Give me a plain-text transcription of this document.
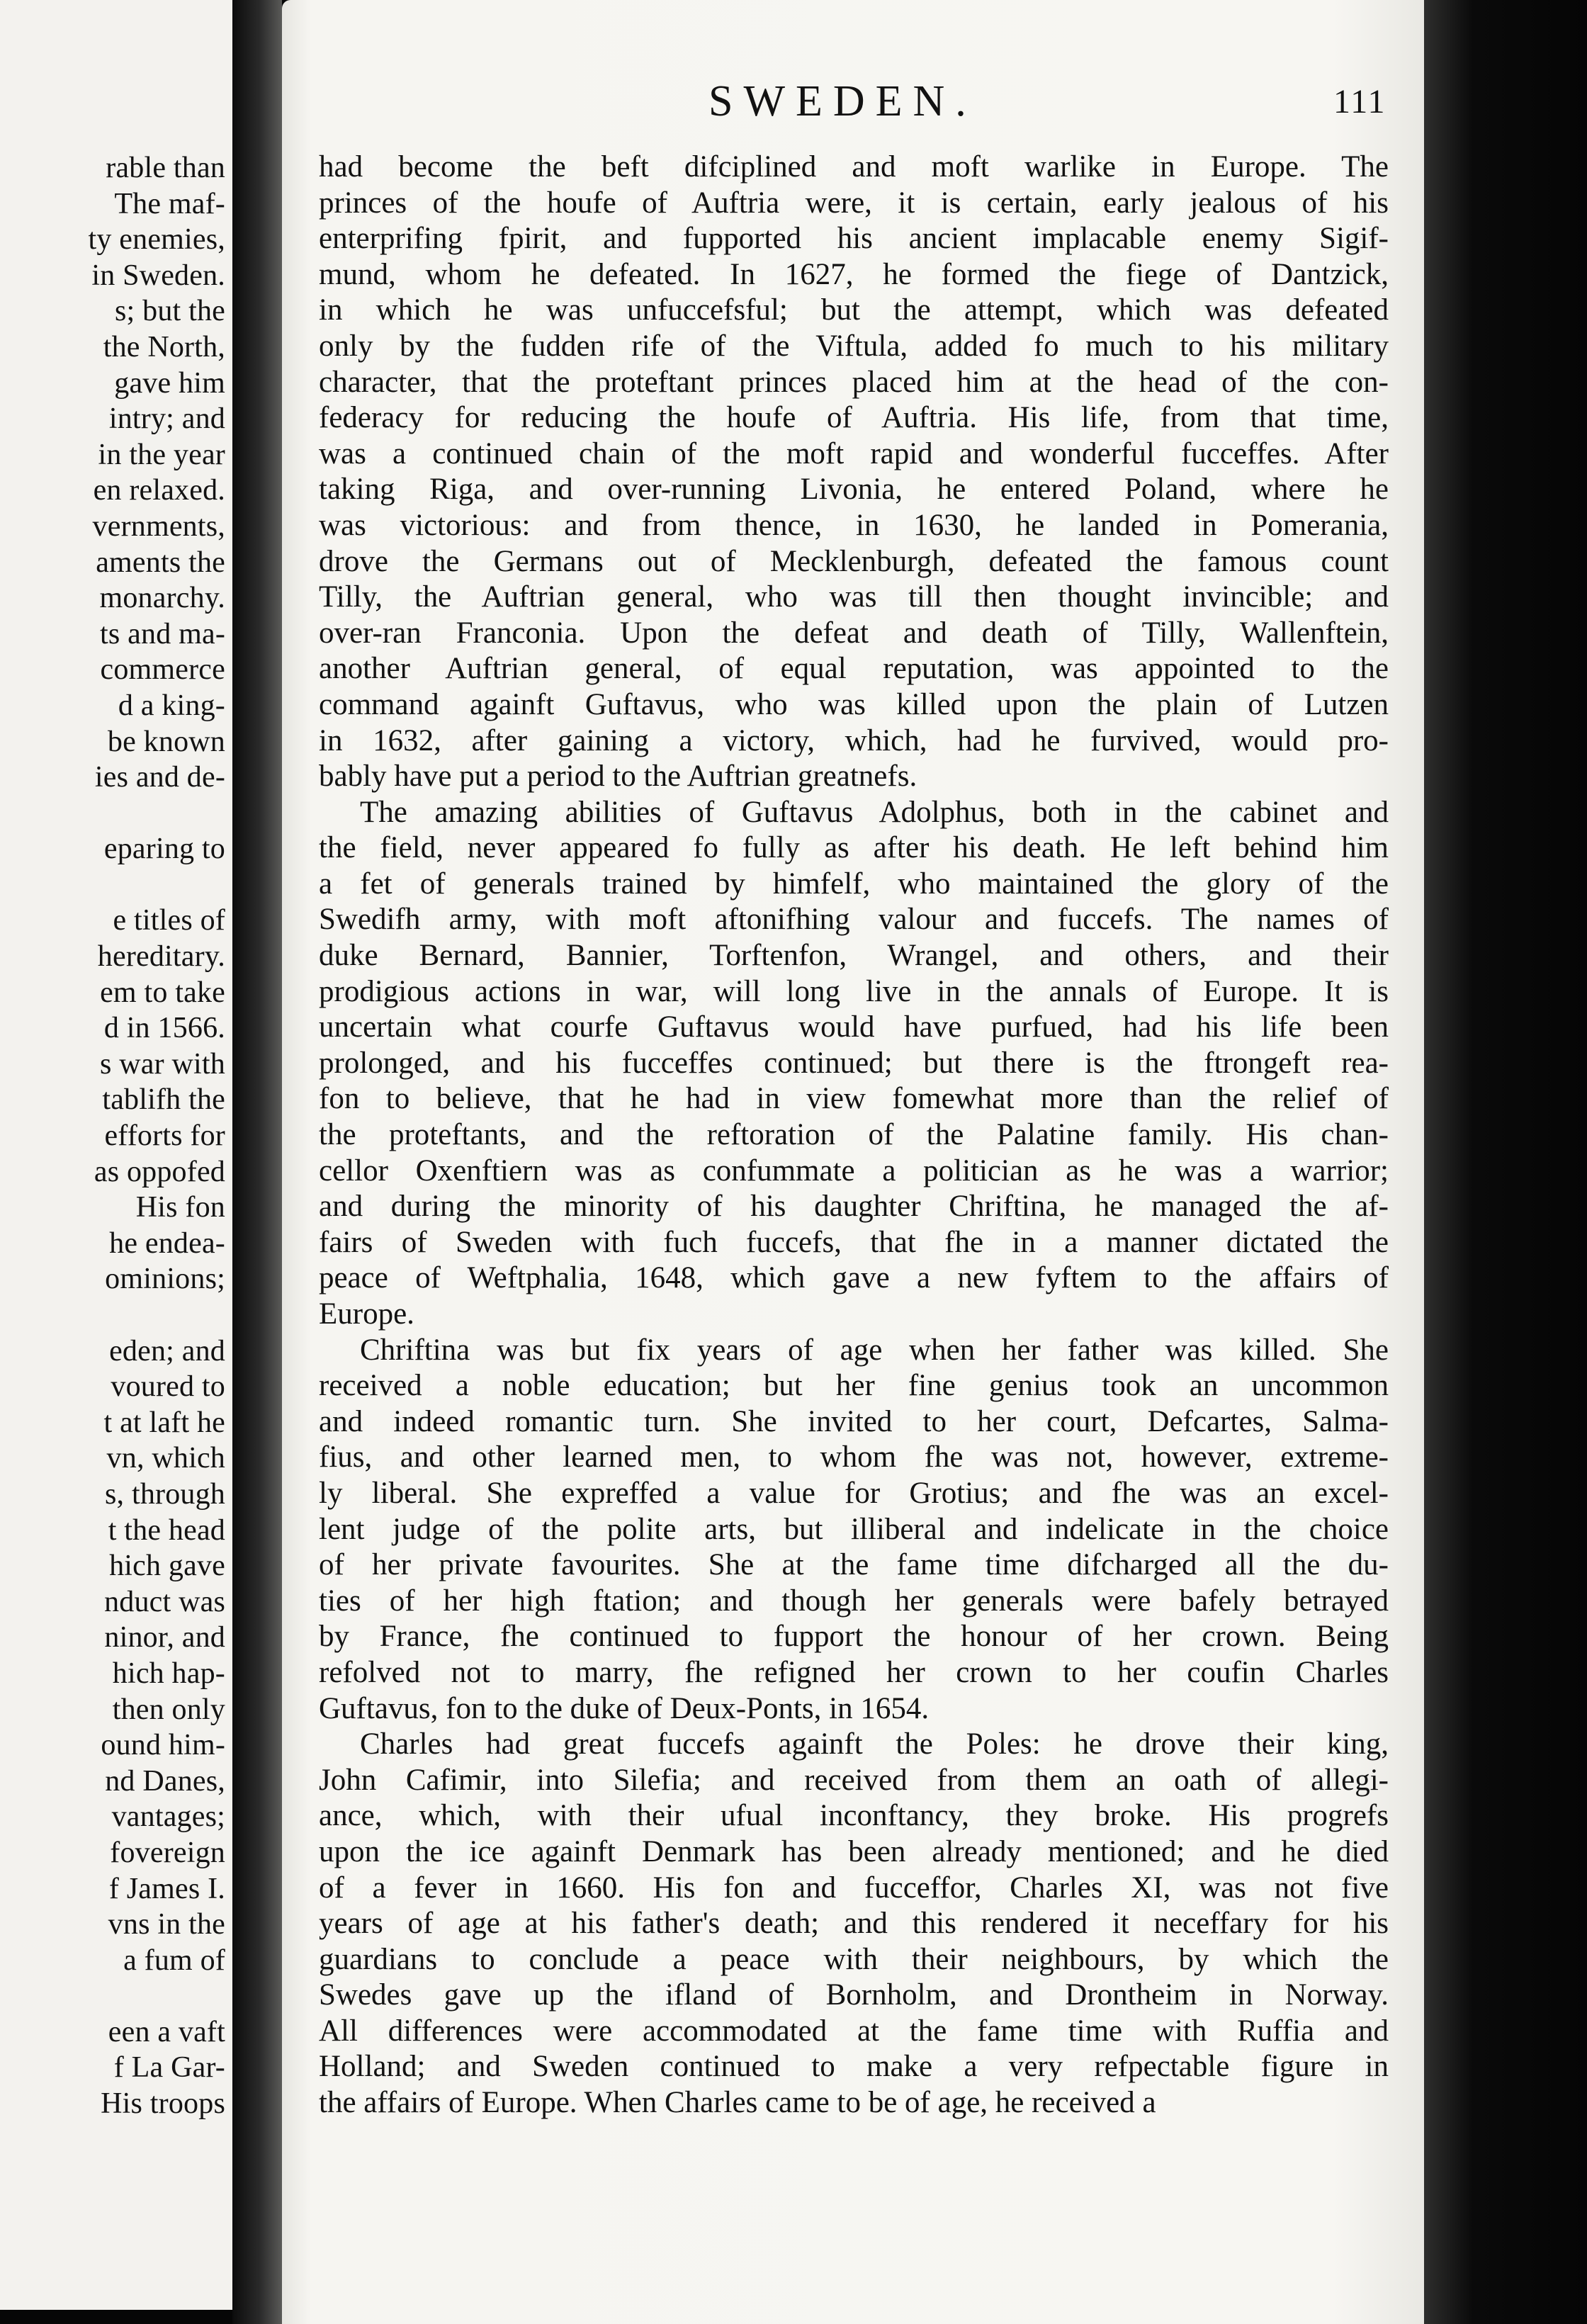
rable than
The maf-
ty enemies,
in Sweden.
s; but the
the North,
gave him
intry; and
in the year
en relaxed.
vernments,
aments the
monarchy.
ts and ma-
commerce
d a king-
be known
ies and de-
eparing to
e titles of
hereditary.
em to take
d in 1566.
s war with
tablifh the
efforts for
as oppofed
His fon
he endea-
ominions;
eden; and
voured to
t at laft he
vn, which
s, through
t the head
hich gave
nduct was
ninor, and
hich hap-
then only
ound him-
nd Danes,
vantages;
fovereign
f James I.
vns in the
a fum of
een a vaft
f La Gar-
His troops
SWEDEN.	111
had become the beft difciplined and moft warlike in Europe. The
princes of the houfe of Auftria were, it is certain, early jealous of his
enterprifing fpirit, and fupported his ancient implacable enemy Sigif-
mund, whom he defeated. In 1627, he formed the fiege of Dantzick,
in which he was unfuccefsful; but the attempt, which was defeated
only by the fudden rife of the Viftula, added fo much to his military
character, that the proteftant princes placed him at the head of the con-
federacy for reducing the houfe of Auftria. His life, from that time,
was a continued chain of the moft rapid and wonderful fucceffes. After
taking Riga, and over-running Livonia, he entered Poland, where he
was victorious: and from thence, in 1630, he landed in Pomerania,
drove the Germans out of Mecklenburgh, defeated the famous count
Tilly, the Auftrian general, who was till then thought invincible; and
over-ran Franconia. Upon the defeat and death of Tilly, Wallenftein,
another Auftrian general, of equal reputation, was appointed to the
command againft Guftavus, who was killed upon the plain of Lutzen
in 1632, after gaining a victory, which, had he furvived, would pro-
bably have put a period to the Auftrian greatnefs.
The amazing abilities of Guftavus Adolphus, both in the cabinet and
the field, never appeared fo fully as after his death. He left behind him
a fet of generals trained by himfelf, who maintained the glory of the
Swedifh army, with moft aftonifhing valour and fuccefs. The names of
duke Bernard, Bannier, Torftenfon, Wrangel, and others, and their
prodigious actions in war, will long live in the annals of Europe. It is
uncertain what courfe Guftavus would have purfued, had his life been
prolonged, and his fucceffes continued; but there is the ftrongeft rea-
fon to believe, that he had in view fomewhat more than the relief of
the proteftants, and the reftoration of the Palatine family. His chan-
cellor Oxenftiern was as confummate a politician as he was a warrior;
and during the minority of his daughter Chriftina, he managed the af-
fairs of Sweden with fuch fuccefs, that fhe in a manner dictated the
peace of Weftphalia, 1648, which gave a new fyftem to the affairs of
Europe.
Chriftina was but fix years of age when her father was killed. She
received a noble education; but her fine genius took an uncommon
and indeed romantic turn. She invited to her court, Defcartes, Salma-
fius, and other learned men, to whom fhe was not, however, extreme-
ly liberal. She expreffed a value for Grotius; and fhe was an excel-
lent judge of the polite arts, but illiberal and indelicate in the choice
of her private favourites. She at the fame time difcharged all the du-
ties of her high ftation; and though her generals were bafely betrayed
by France, fhe continued to fupport the honour of her crown. Being
refolved not to marry, fhe refigned her crown to her coufin Charles
Guftavus, fon to the duke of Deux-Ponts, in 1654.
Charles had great fuccefs againft the Poles: he drove their king,
John Cafimir, into Silefia; and received from them an oath of allegi-
ance, which, with their ufual inconftancy, they broke. His progrefs
upon the ice againft Denmark has been already mentioned; and he died
of a fever in 1660. His fon and fucceffor, Charles XI, was not five
years of age at his father's death; and this rendered it neceffary for his
guardians to conclude a peace with their neighbours, by which the
Swedes gave up the ifland of Bornholm, and Drontheim in Norway.
All differences were accommodated at the fame time with Ruffia and
Holland; and Sweden continued to make a very refpectable figure in
the affairs of Europe. When Charles came to be of age, he received a
